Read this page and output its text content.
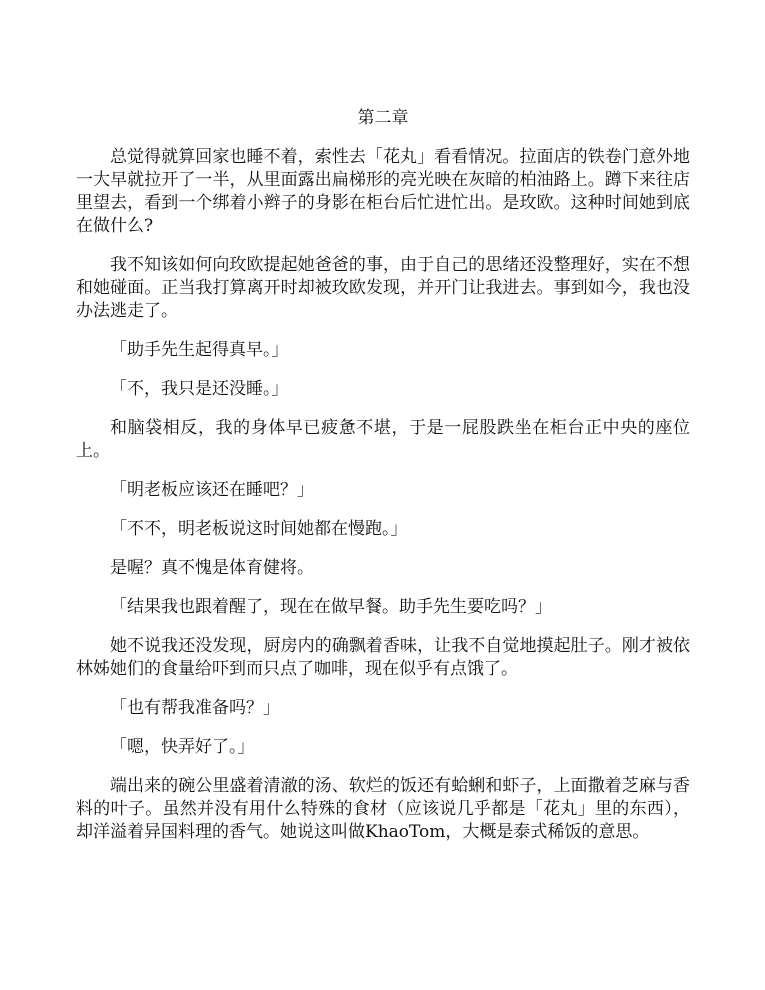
第二章

总觉得就算回家也睡不着，索性去「花丸」看看情况。拉面店的铁卷门意外地一大早就拉开了一半，从里面露出扁梯形的亮光映在灰暗的柏油路上。蹲下来往店里望去，看到一个绑着小辫子的身影在柜台后忙进忙出。是玫欧。这种时间她到底在做什么?

我不知该如何向玫欧提起她爸爸的事，由于自己的思绪还没整理好，实在不想和她碰面。正当我打算离开时却被玫欧发现，并开门让我进去。事到如今，我也没办法逃走了。

「助手先生起得真早。」

「不，我只是还没睡。」

和脑袋相反，我的身体早已疲惫不堪，于是一屁股跌坐在柜台正中央的座位上。

「明老板应该还在睡吧？」

「不不，明老板说这时间她都在慢跑。」

是喔？真不愧是体育健将。

「结果我也跟着醒了，现在在做早餐。助手先生要吃吗？」

她不说我还没发现，厨房内的确飘着香味，让我不自觉地摸起肚子。刚才被依林姊她们的食量给吓到而只点了咖啡，现在似乎有点饿了。

「也有帮我准备吗？」

「嗯，快弄好了。」

端出来的碗公里盛着清澈的汤、软烂的饭还有蛤蜊和虾子，上面撒着芝麻与香料的叶子。虽然并没有用什么特殊的食材（应该说几乎都是「花丸」里的东西），却洋溢着异国料理的香气。她说这叫做KhaoTom，大概是泰式稀饭的意思。
